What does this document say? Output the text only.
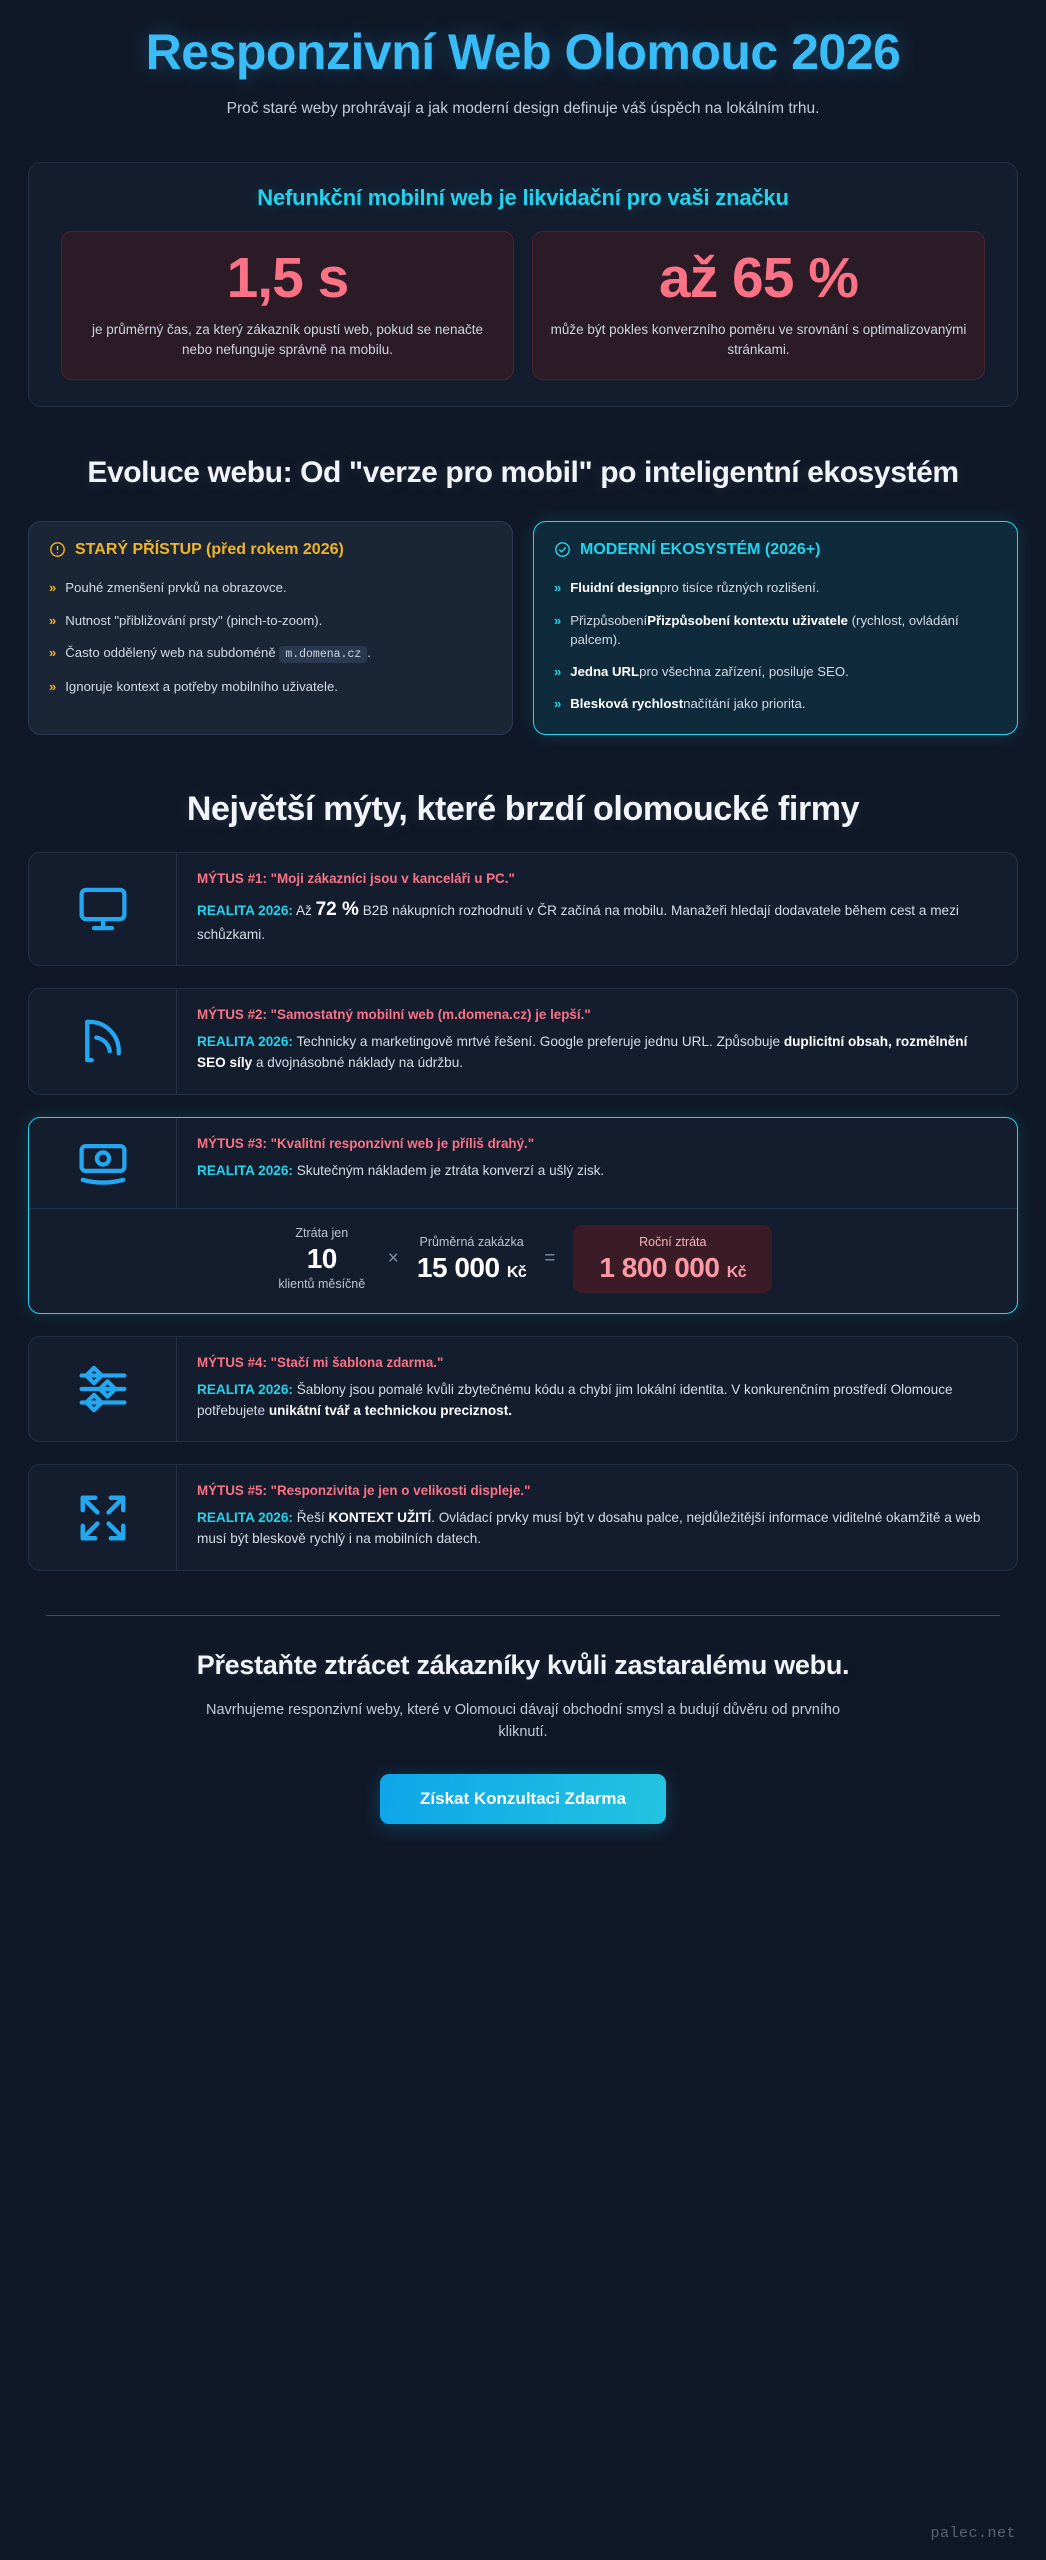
Responzivní Web Olomouc 2026

Proč staré weby prohrávají a jak moderní design definuje váš úspěch na lokálním trhu.

Nefunkční mobilní web je likvidační pro vaši značku
1,5 s
je průměrný čas, za který zákazník opustí web, pokud se nenačte nebo nefunguje správně na mobilu.
až 65 %
může být pokles konverzního poměru ve srovnání s optimalizovanými stránkami.
Evoluce webu: Od "verze pro mobil" po inteligentní ekosystém
STARÝ PŘÍSTUP (před rokem 2026)
» Pouhé zmenšení prvků na obrazovce.
» Nutnost "přibližování prsty" (pinch-to-zoom).
» Často oddělený web na subdoméně m.domena.cz .
» Ignoruje kontext a potřeby mobilního uživatele.
MODERNÍ EKOSYSTÉM (2026+)
» Fluidní designpro tisíce různých rozlišení.
» PřizpůsobeníPřizpůsobení kontextu uživatele (rychlost, ovládání palcem).
» Jedna URLpro všechna zařízení, posiluje SEO.
» Blesková rychlostnačítání jako priorita.
Největší mýty, které brzdí olomoucké firmy
MÝTUS #1: "Moji zákazníci jsou v kanceláři u PC."
REALITA 2026: Až 72 % B2B nákupních rozhodnutí v ČR začíná na mobilu. Manažeři hledají dodavatele během cest a mezi schůzkami.
MÝTUS #2: "Samostatný mobilní web (m.domena.cz) je lepší."
REALITA 2026: Technicky a marketingově mrtvé řešení. Google preferuje jednu URL. Způsobuje duplicitní obsah, rozmělnění SEO síly a dvojnásobné náklady na údržbu.
MÝTUS #3: "Kvalitní responzivní web je příliš drahý."
REALITA 2026: Skutečným nákladem je ztráta konverzí a ušlý zisk.
Ztráta jen
10
klientů měsíčně
×
Průměrná zakázka
15 000 Kč
=
Roční ztráta
1 800 000 Kč
MÝTUS #4: "Stačí mi šablona zdarma."
REALITA 2026: Šablony jsou pomalé kvůli zbytečnému kódu a chybí jim lokální identita. V konkurenčním prostředí Olomouce potřebujete unikátní tvář a technickou preciznost.
MÝTUS #5: "Responzivita je jen o velikosti displeje."
REALITA 2026: Řeší KONTEXT UŽITÍ. Ovládací prvky musí být v dosahu palce, nejdůležitější informace viditelné okamžitě a web musí být bleskově rychlý i na mobilních datech.
Přestaňte ztrácet zákazníky kvůli zastaralému webu.
Navrhujeme responzivní weby, které v Olomouci dávají obchodní smysl a budují důvěru od prvního kliknutí.
Získat Konzultaci Zdarma
palec.net
